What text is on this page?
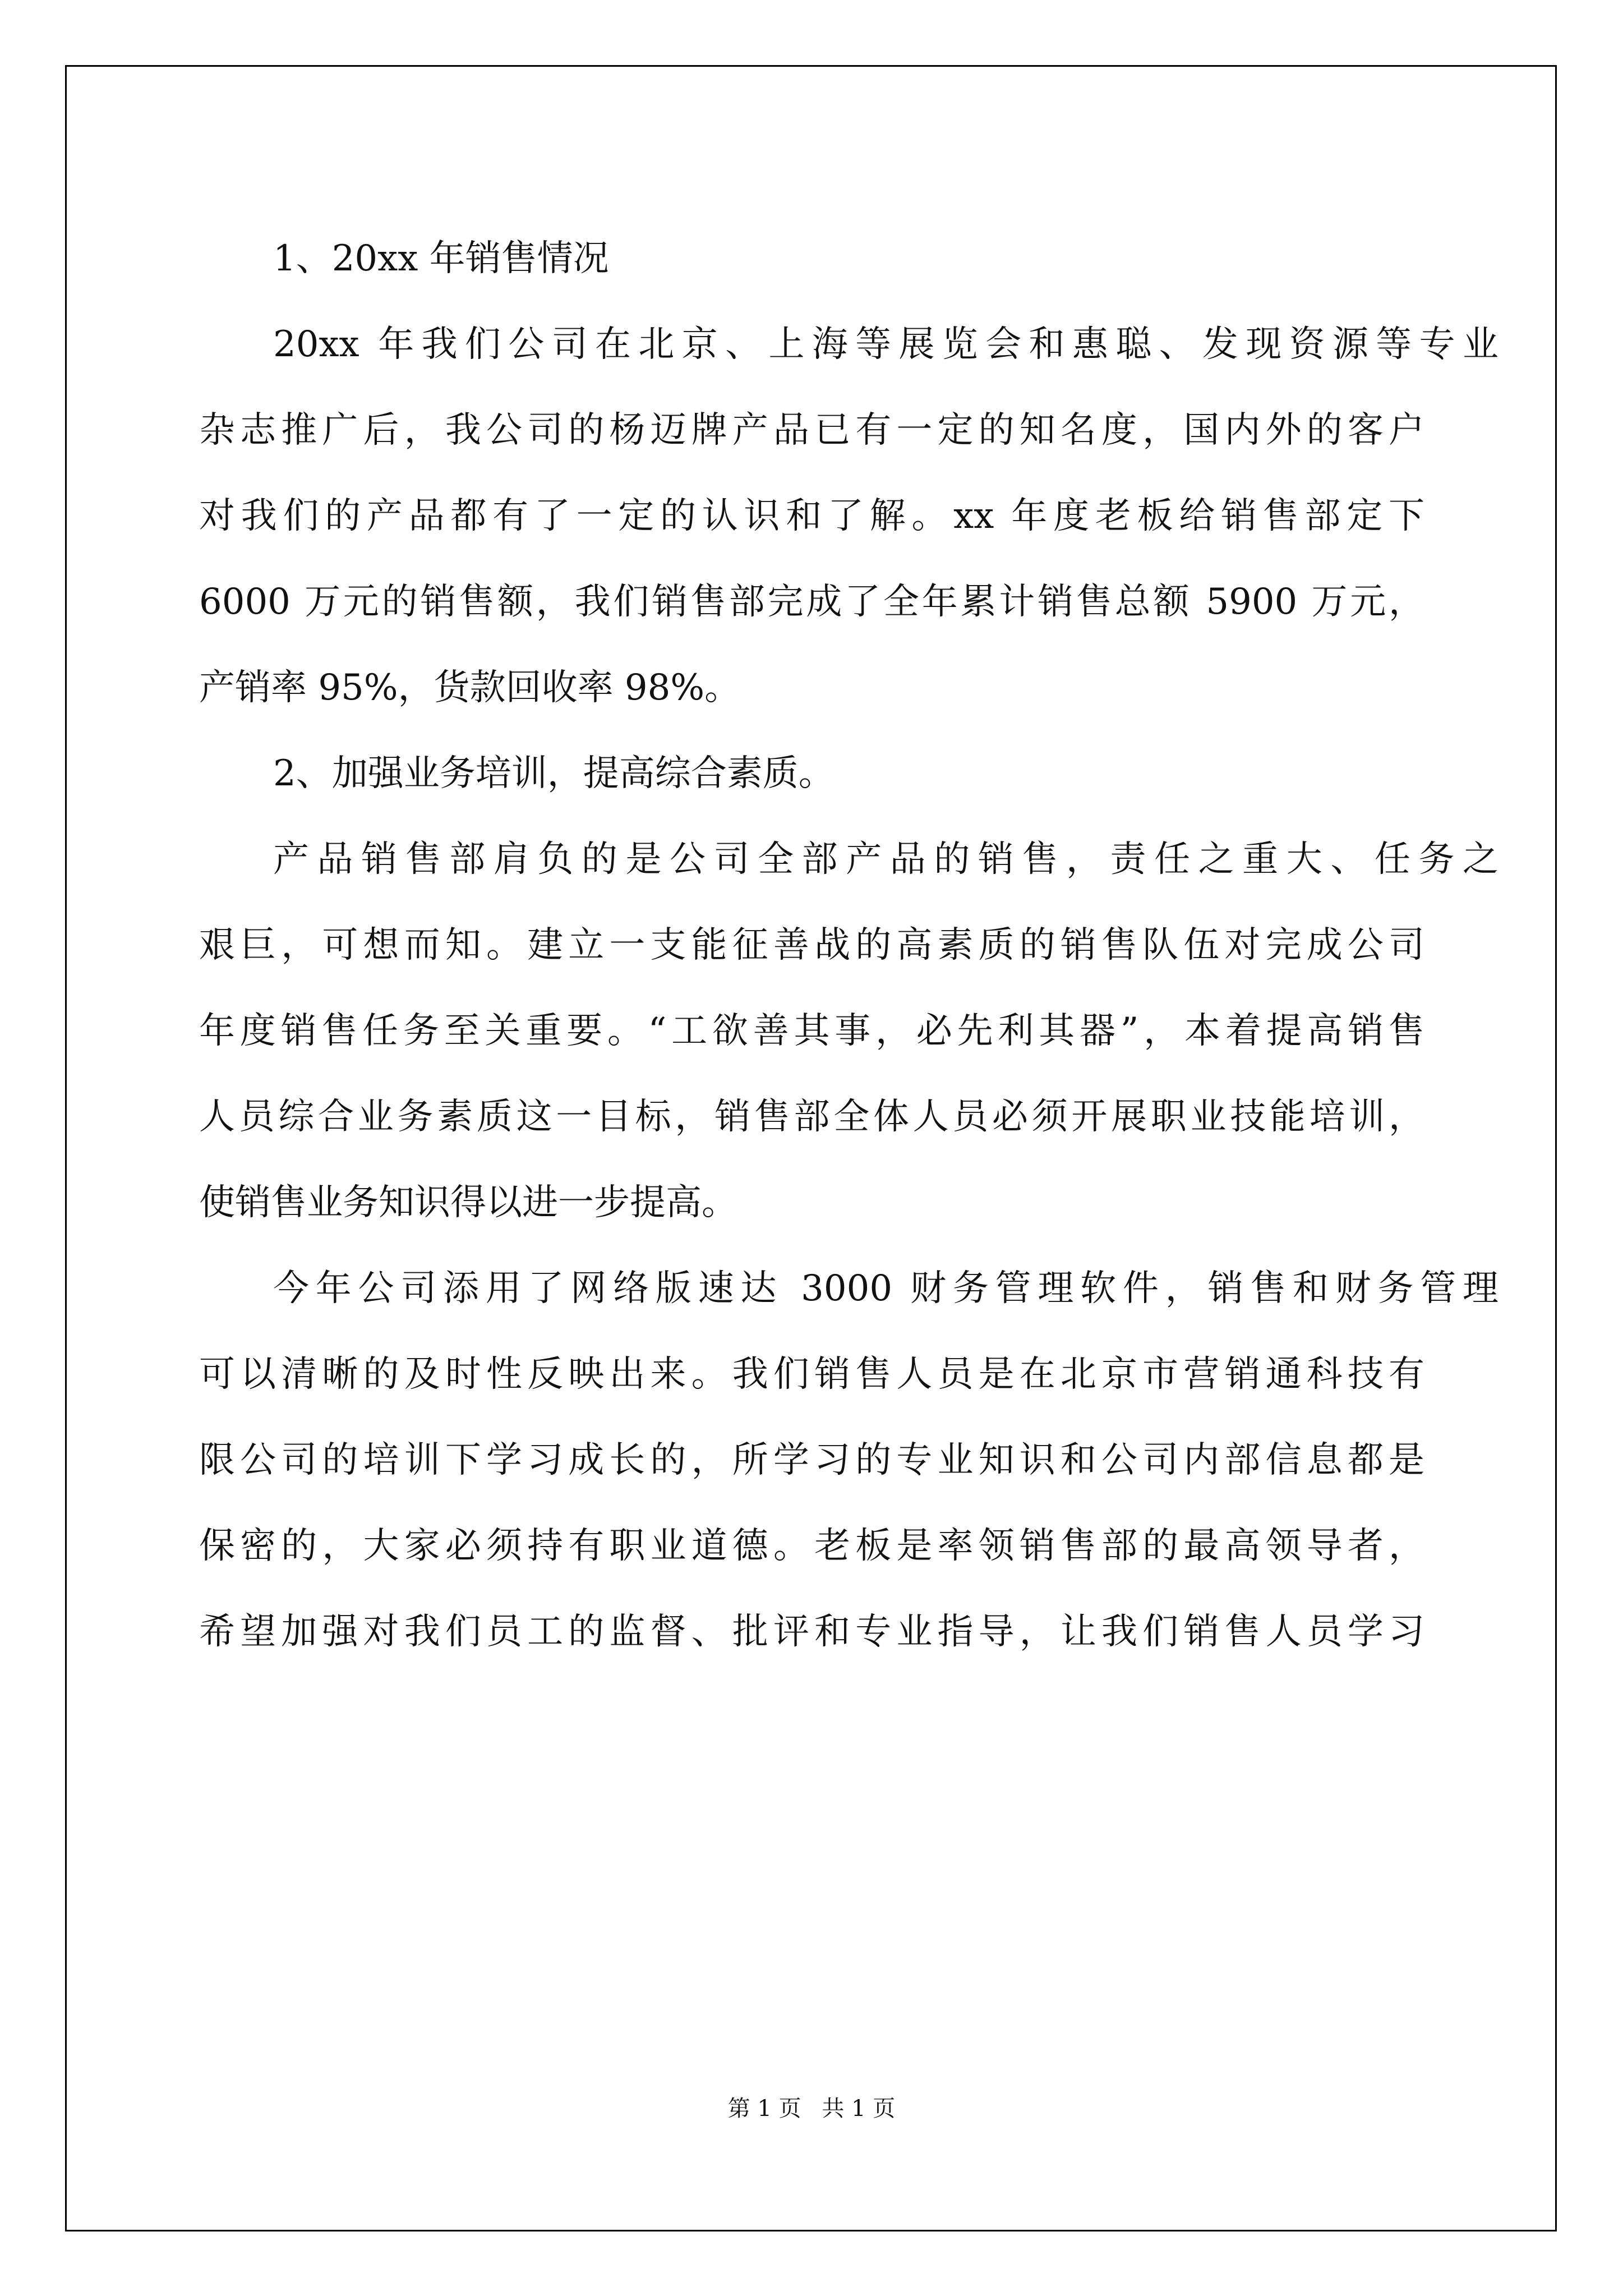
1、20xx 年销售情况
20xx 年我们公司在北京、上海等展览会和惠聪、发现资源等专业
杂志推广后，我公司的杨迈牌产品已有一定的知名度，国内外的客户
对我们的产品都有了一定的认识和了解。xx 年度老板给销售部定下
6000 万元的销售额，我们销售部完成了全年累计销售总额 5900 万元，
产销率 95%，货款回收率 98%。
2、加强业务培训，提高综合素质。
产品销售部肩负的是公司全部产品的销售，责任之重大、任务之
艰巨，可想而知。建立一支能征善战的高素质的销售队伍对完成公司
年度销售任务至关重要。“工欲善其事，必先利其器”，本着提高销售
人员综合业务素质这一目标，销售部全体人员必须开展职业技能培训，
使销售业务知识得以进一步提高。
今年公司添用了网络版速达 3000 财务管理软件，销售和财务管理
可以清晰的及时性反映出来。我们销售人员是在北京市营销通科技有
限公司的培训下学习成长的，所学习的专业知识和公司内部信息都是
保密的，大家必须持有职业道德。老板是率领销售部的最高领导者，
希望加强对我们员工的监督、批评和专业指导，让我们销售人员学习
第 1 页 共 1 页
